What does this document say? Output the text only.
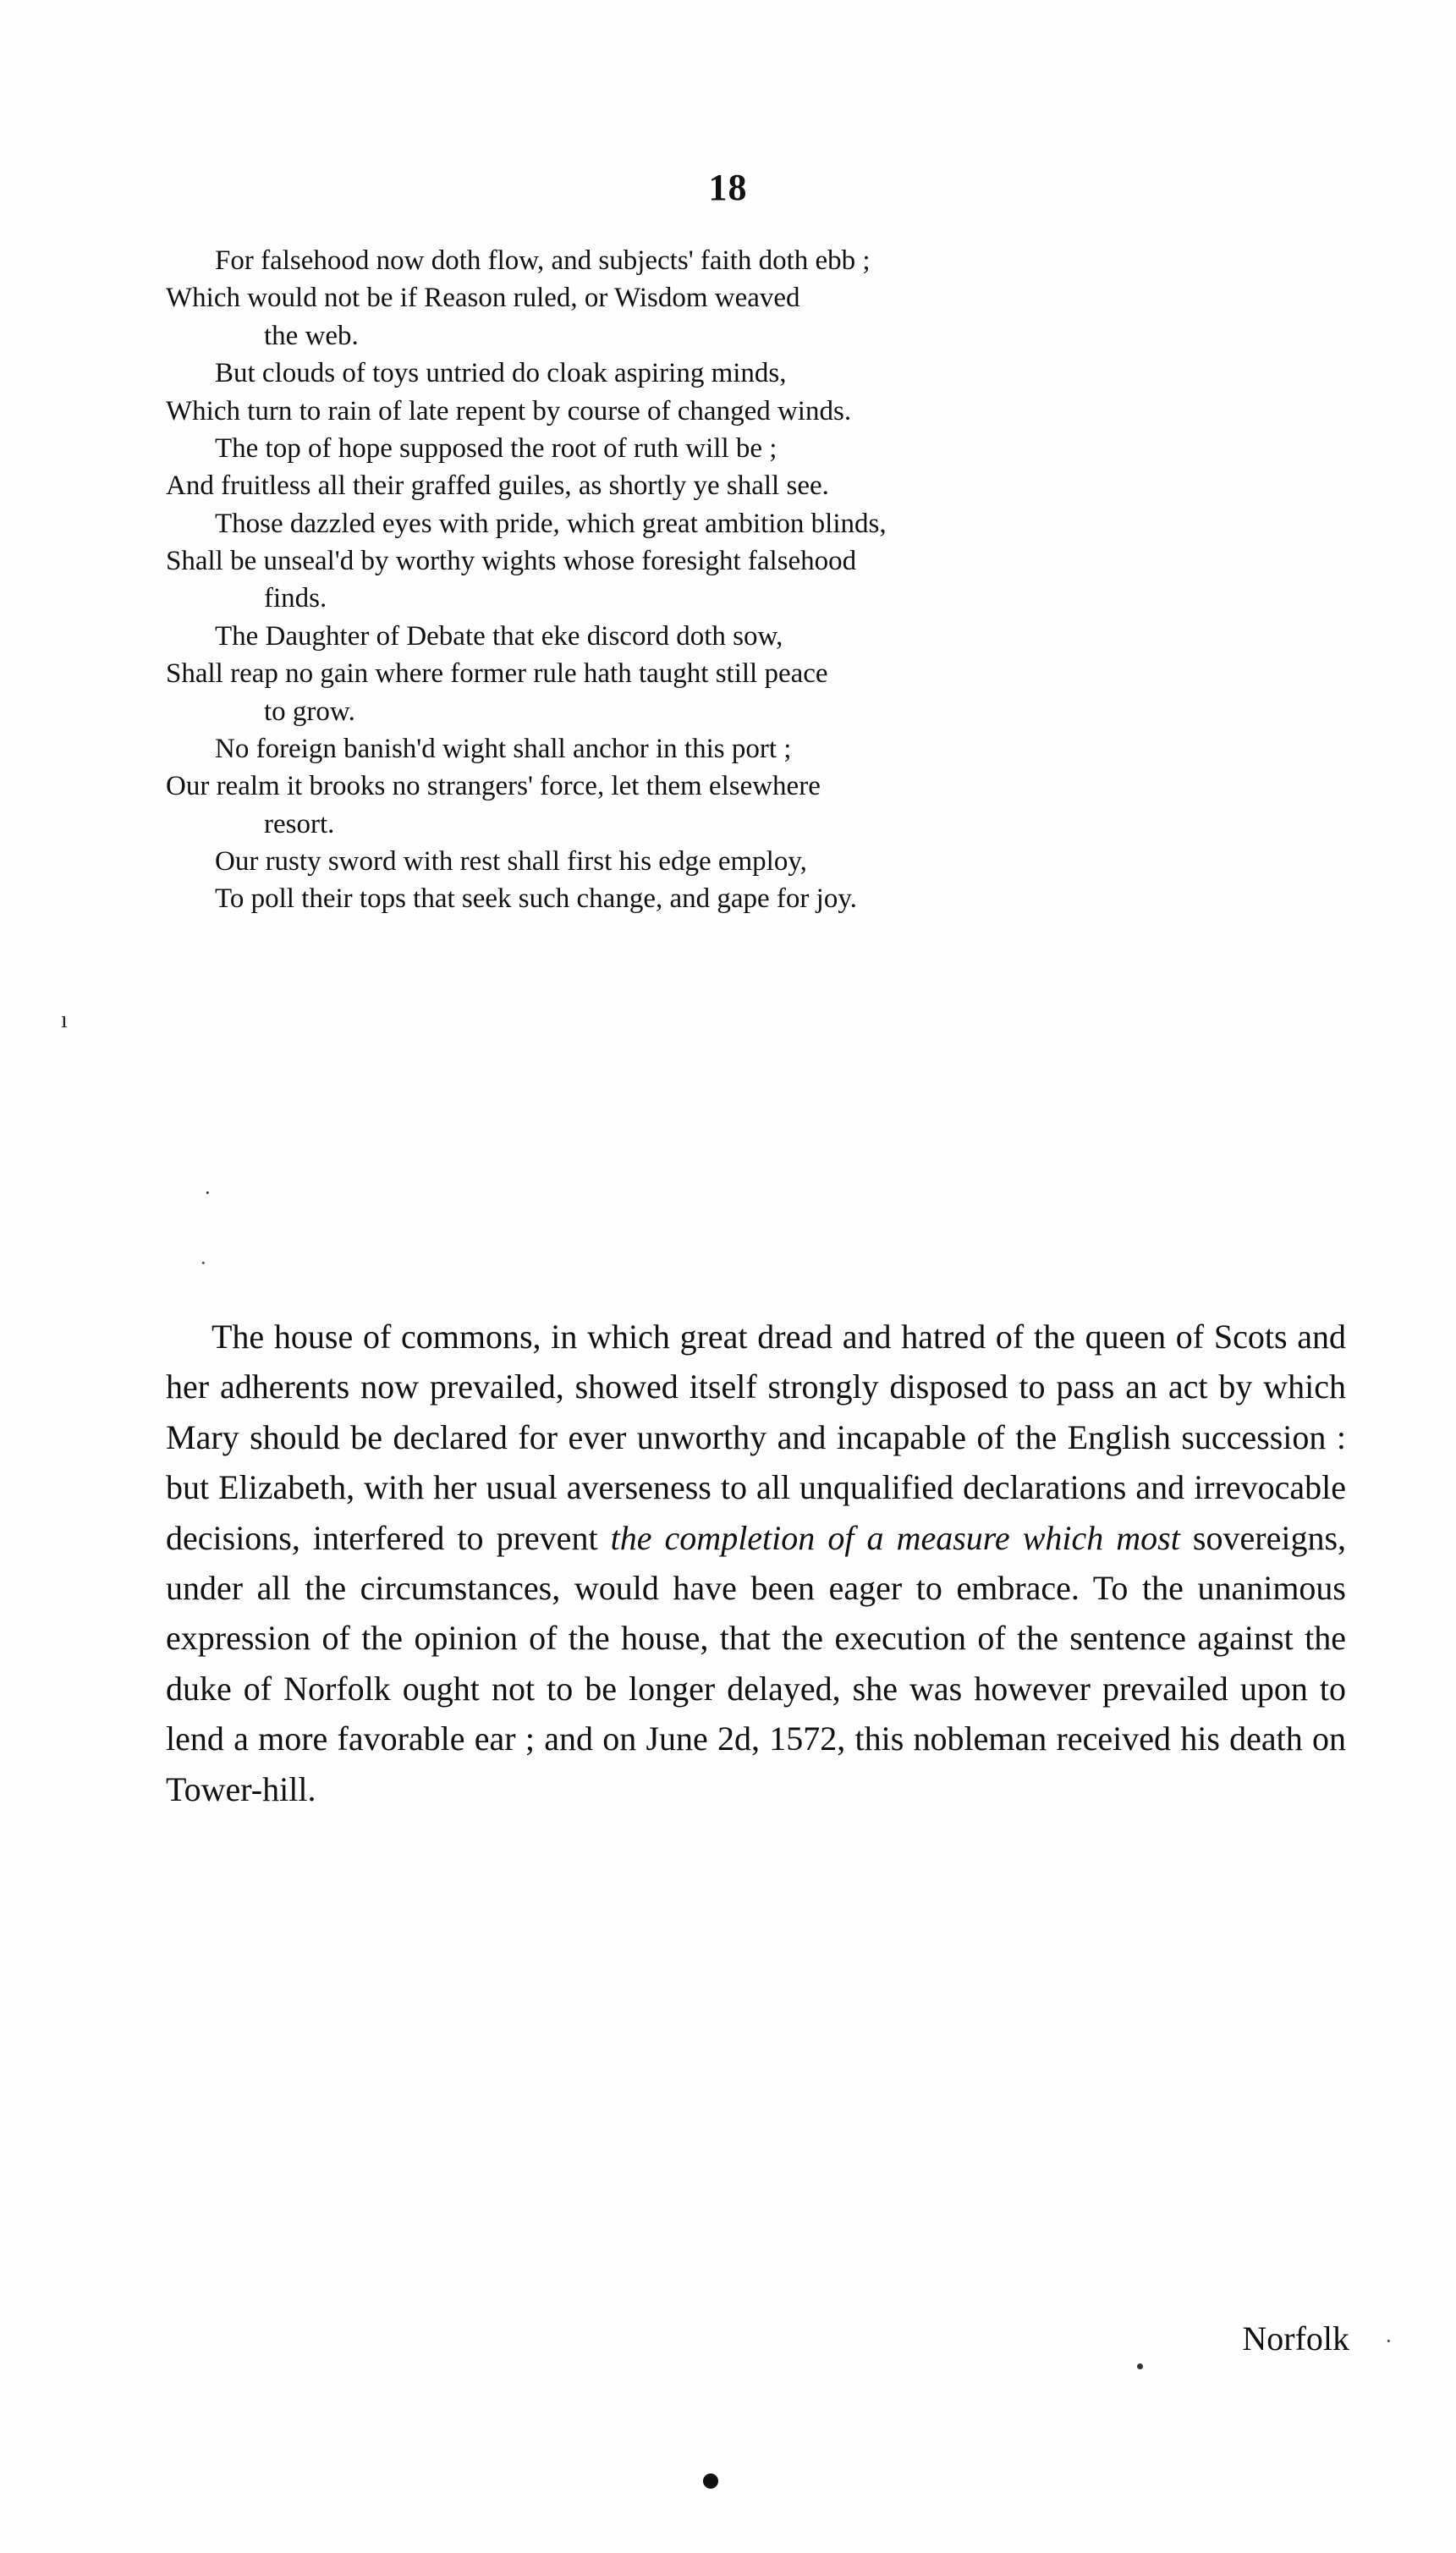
18
ı
·
·
·
For falsehood now doth flow, and subjects' faith doth ebb ;
Which would not be if Reason ruled, or Wisdom weaved
the web.
But clouds of toys untried do cloak aspiring minds,
Which turn to rain of late repent by course of changed winds.
The top of hope supposed the root of ruth will be ;
And fruitless all their graffed guiles, as shortly ye shall see.
Those dazzled eyes with pride, which great ambition blinds,
Shall be unseal'd by worthy wights whose foresight falsehood
finds.
The Daughter of Debate that eke discord doth sow,
Shall reap no gain where former rule hath taught still peace
to grow.
No foreign banish'd wight shall anchor in this port ;
Our realm it brooks no strangers' force, let them elsewhere
resort.
Our rusty sword with rest shall first his edge employ,
To poll their tops that seek such change, and gape for joy.

The house of commons, in which great dread and hatred of the queen of Scots and her adherents now prevailed, showed itself strongly disposed to pass an act by which Mary should be declared for ever unworthy and incapable of the English succession : but Elizabeth, with her usual averseness to all unqualified declarations and irrevocable decisions, interfered to prevent the completion of a measure which most sovereigns, under all the circumstances, would have been eager to embrace. To the unanimous expression of the opinion of the house, that the execution of the sentence against the duke of Norfolk ought not to be longer delayed, she was however prevailed upon to lend a more favorable ear ; and on June 2d, 1572, this nobleman received his death on Tower-hill.

Norfolk
